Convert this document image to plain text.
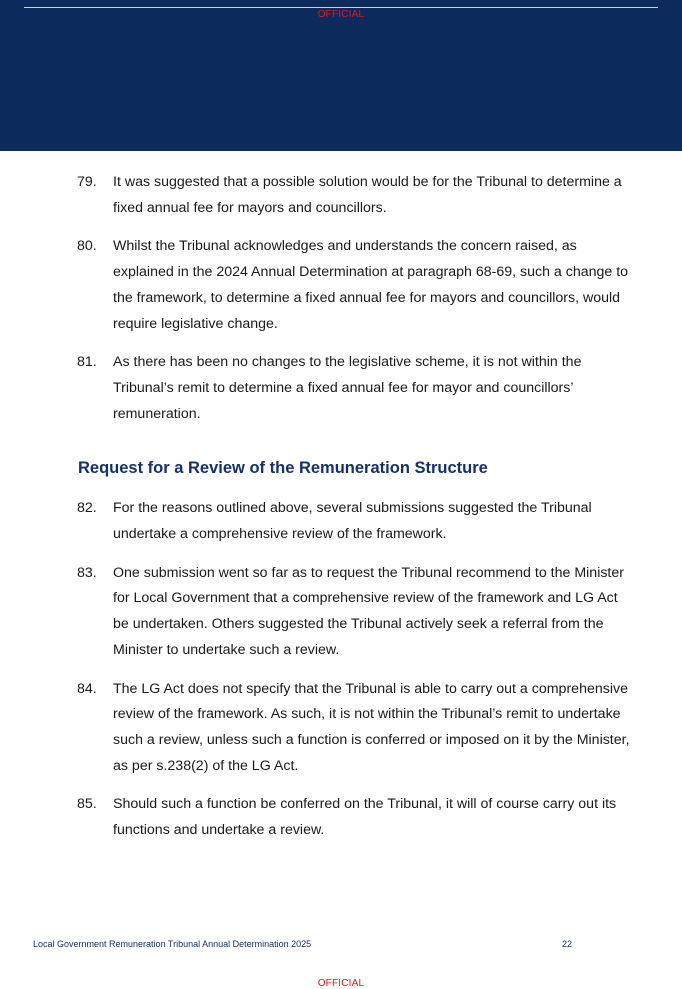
OFFICIAL
79.	It was suggested that a possible solution would be for the Tribunal to determine a fixed annual fee for mayors and councillors.
80.	Whilst the Tribunal acknowledges and understands the concern raised, as explained in the 2024 Annual Determination at paragraph 68-69, such a change to the framework, to determine a fixed annual fee for mayors and councillors, would require legislative change.
81.	As there has been no changes to the legislative scheme, it is not within the Tribunal’s remit to determine a fixed annual fee for mayor and councillors’ remuneration.
Request for a Review of the Remuneration Structure
82.	For the reasons outlined above, several submissions suggested the Tribunal undertake a comprehensive review of the framework.
83.	One submission went so far as to request the Tribunal recommend to the Minister for Local Government that a comprehensive review of the framework and LG Act be undertaken. Others suggested the Tribunal actively seek a referral from the Minister to undertake such a review.
84.	The LG Act does not specify that the Tribunal is able to carry out a comprehensive review of the framework. As such, it is not within the Tribunal’s remit to undertake such a review, unless such a function is conferred or imposed on it by the Minister, as per s.238(2) of the LG Act.
85.	Should such a function be conferred on the Tribunal, it will of course carry out its functions and undertake a review.
Local Government Remuneration Tribunal Annual Determination 2025	22
OFFICIAL
